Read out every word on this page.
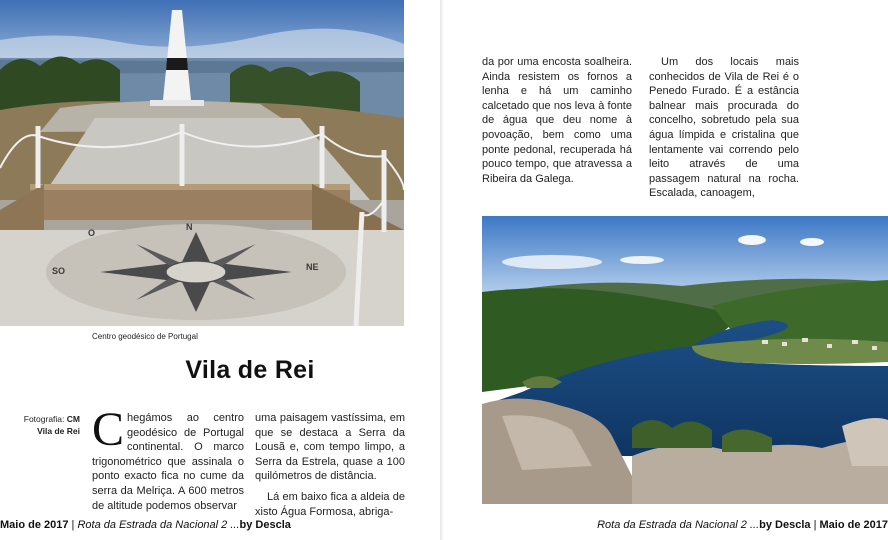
Centro geodésico de Portugal
Vila de Rei
Fotografia: CM
Vila de Rei C hegámos ao centro geodésico de Portugal continental. O marco trigonométrico que assinala o ponto exacto fica no cume da serra da Melriça. A 600 metros de altitude podemos observar

uma paisagem vastíssima, em que se destaca a Serra da Lousã e, com tempo limpo, a Serra da Estrela, quase a 100 quilómetros de distância.

Lá em baixo fica a aldeia de xisto Água Formosa, abriga-

Maio de 2017 | Rota da Estrada da Nacional 2 ...by Descla

da por uma encosta soalheira. Ainda resistem os fornos a lenha e há um caminho calcetado que nos leva à fonte de água que deu nome à povoação, bem como uma ponte pedonal, recuperada há pouco tempo, que atravessa a Ribeira da Galega.

Um dos locais mais conhecidos de Vila de Rei é o Penedo Furado. É a estância balnear mais procurada do concelho, sobretudo pela sua água límpida e cristalina que lentamente vai correndo pelo leito através de uma passagem natural na rocha. Escalada, canoagem,

Rota da Estrada da Nacional 2 ...by Descla | Maio de 2017
N
O
SO	NE
